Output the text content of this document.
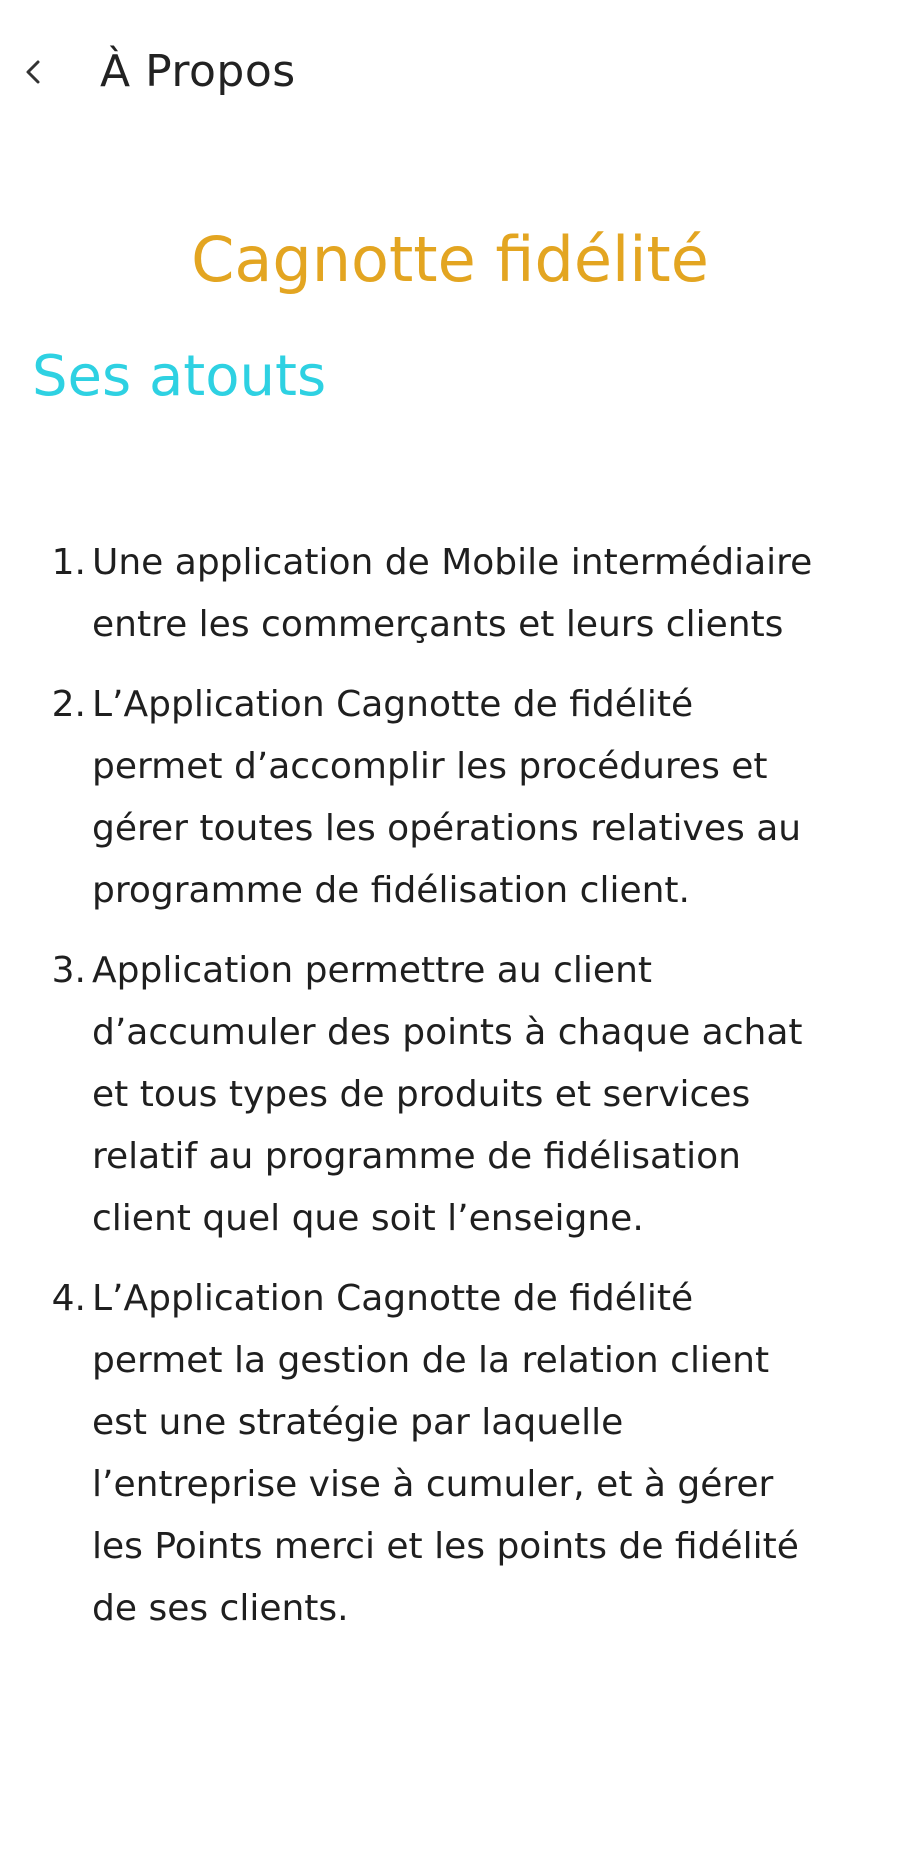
À Propos
Cagnotte fidélité
Ses atouts
1. Une application de Mobile intermédiaire entre les commerçants et leurs clients
2. L’Application Cagnotte de fidélité permet d’accomplir les procédures et gérer toutes les opérations relatives au programme de fidélisation client.
3. Application permettre au client d’accumuler des points à chaque achat et tous types de produits et services relatif au programme de fidélisation client quel que soit l’enseigne.
4. L’Application Cagnotte de fidélité permet la gestion de la relation client est une stratégie par laquelle l’entreprise vise à cumuler, et à gérer les Points merci et les points de fidélité de ses clients.
